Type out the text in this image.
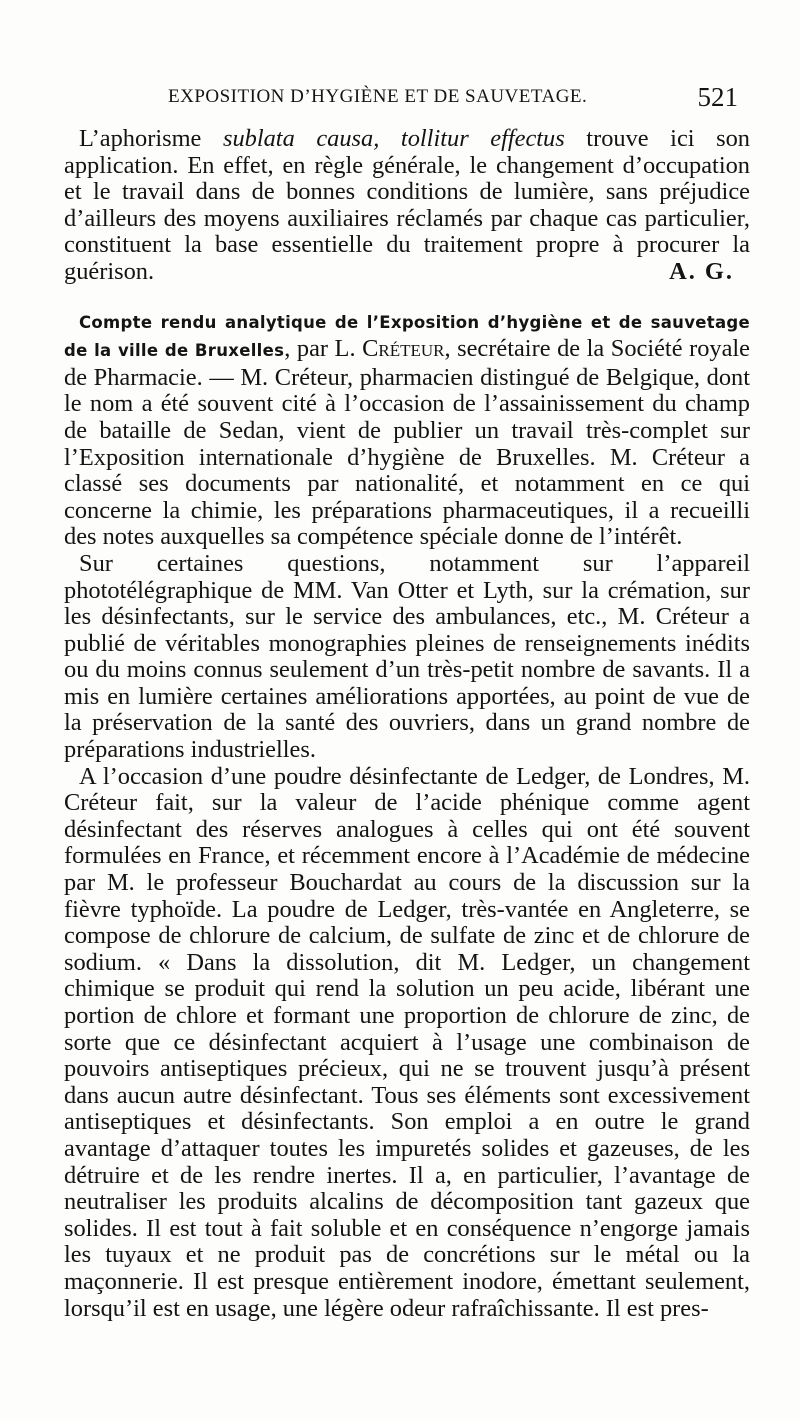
EXPOSITION D’HYGIÈNE ET DE SAUVETAGE.	521

L’aphorisme sublata causa, tollitur effectus trouve ici son application. En effet, en règle générale, le changement d’occupation et le travail dans de bonnes conditions de lumière, sans préjudice d’ailleurs des moyens auxiliaires réclamés par chaque cas particulier, constituent la base essentielle du traitement propre à procurer la guérison.	A. G.

Compte rendu analytique de l’Exposition d’hygiène et de sauvetage de la ville de Bruxelles, par L. Créteur, secrétaire de la Société royale de Pharmacie. — M. Créteur, pharmacien distingué de Belgique, dont le nom a été souvent cité à l’occasion de l’assainissement du champ de bataille de Sedan, vient de publier un travail très-complet sur l’Exposition internationale d’hygiène de Bruxelles. M. Créteur a classé ses documents par nationalité, et notamment en ce qui concerne la chimie, les préparations pharmaceutiques, il a recueilli des notes auxquelles sa compétence spéciale donne de l’intérêt.

Sur certaines questions, notamment sur l’appareil phototélégraphique de MM. Van Otter et Lyth, sur la crémation, sur les désinfectants, sur le service des ambulances, etc., M. Créteur a publié de véritables monographies pleines de renseignements inédits ou du moins connus seulement d’un très-petit nombre de savants. Il a mis en lumière certaines améliorations apportées, au point de vue de la préservation de la santé des ouvriers, dans un grand nombre de préparations industrielles.

A l’occasion d’une poudre désinfectante de Ledger, de Londres, M. Créteur fait, sur la valeur de l’acide phénique comme agent désinfectant des réserves analogues à celles qui ont été souvent formulées en France, et récemment encore à l’Académie de médecine par M. le professeur Bouchardat au cours de la discussion sur la fièvre typhoïde. La poudre de Ledger, très-vantée en Angleterre, se compose de chlorure de calcium, de sulfate de zinc et de chlorure de sodium. « Dans la dissolution, dit M. Ledger, un changement chimique se produit qui rend la solution un peu acide, libérant une portion de chlore et formant une proportion de chlorure de zinc, de sorte que ce désinfectant acquiert à l’usage une combinaison de pouvoirs antiseptiques précieux, qui ne se trouvent jusqu’à présent dans aucun autre désinfectant. Tous ses éléments sont excessivement antiseptiques et désinfectants. Son emploi a en outre le grand avantage d’attaquer toutes les impuretés solides et gazeuses, de les détruire et de les rendre inertes. Il a, en particulier, l’avantage de neutraliser les produits alcalins de décomposition tant gazeux que solides. Il est tout à fait soluble et en conséquence n’engorge jamais les tuyaux et ne produit pas de concrétions sur le métal ou la maçonnerie. Il est presque entièrement inodore, émettant seulement, lorsqu’il est en usage, une légère odeur rafraîchissante. Il est pres-
